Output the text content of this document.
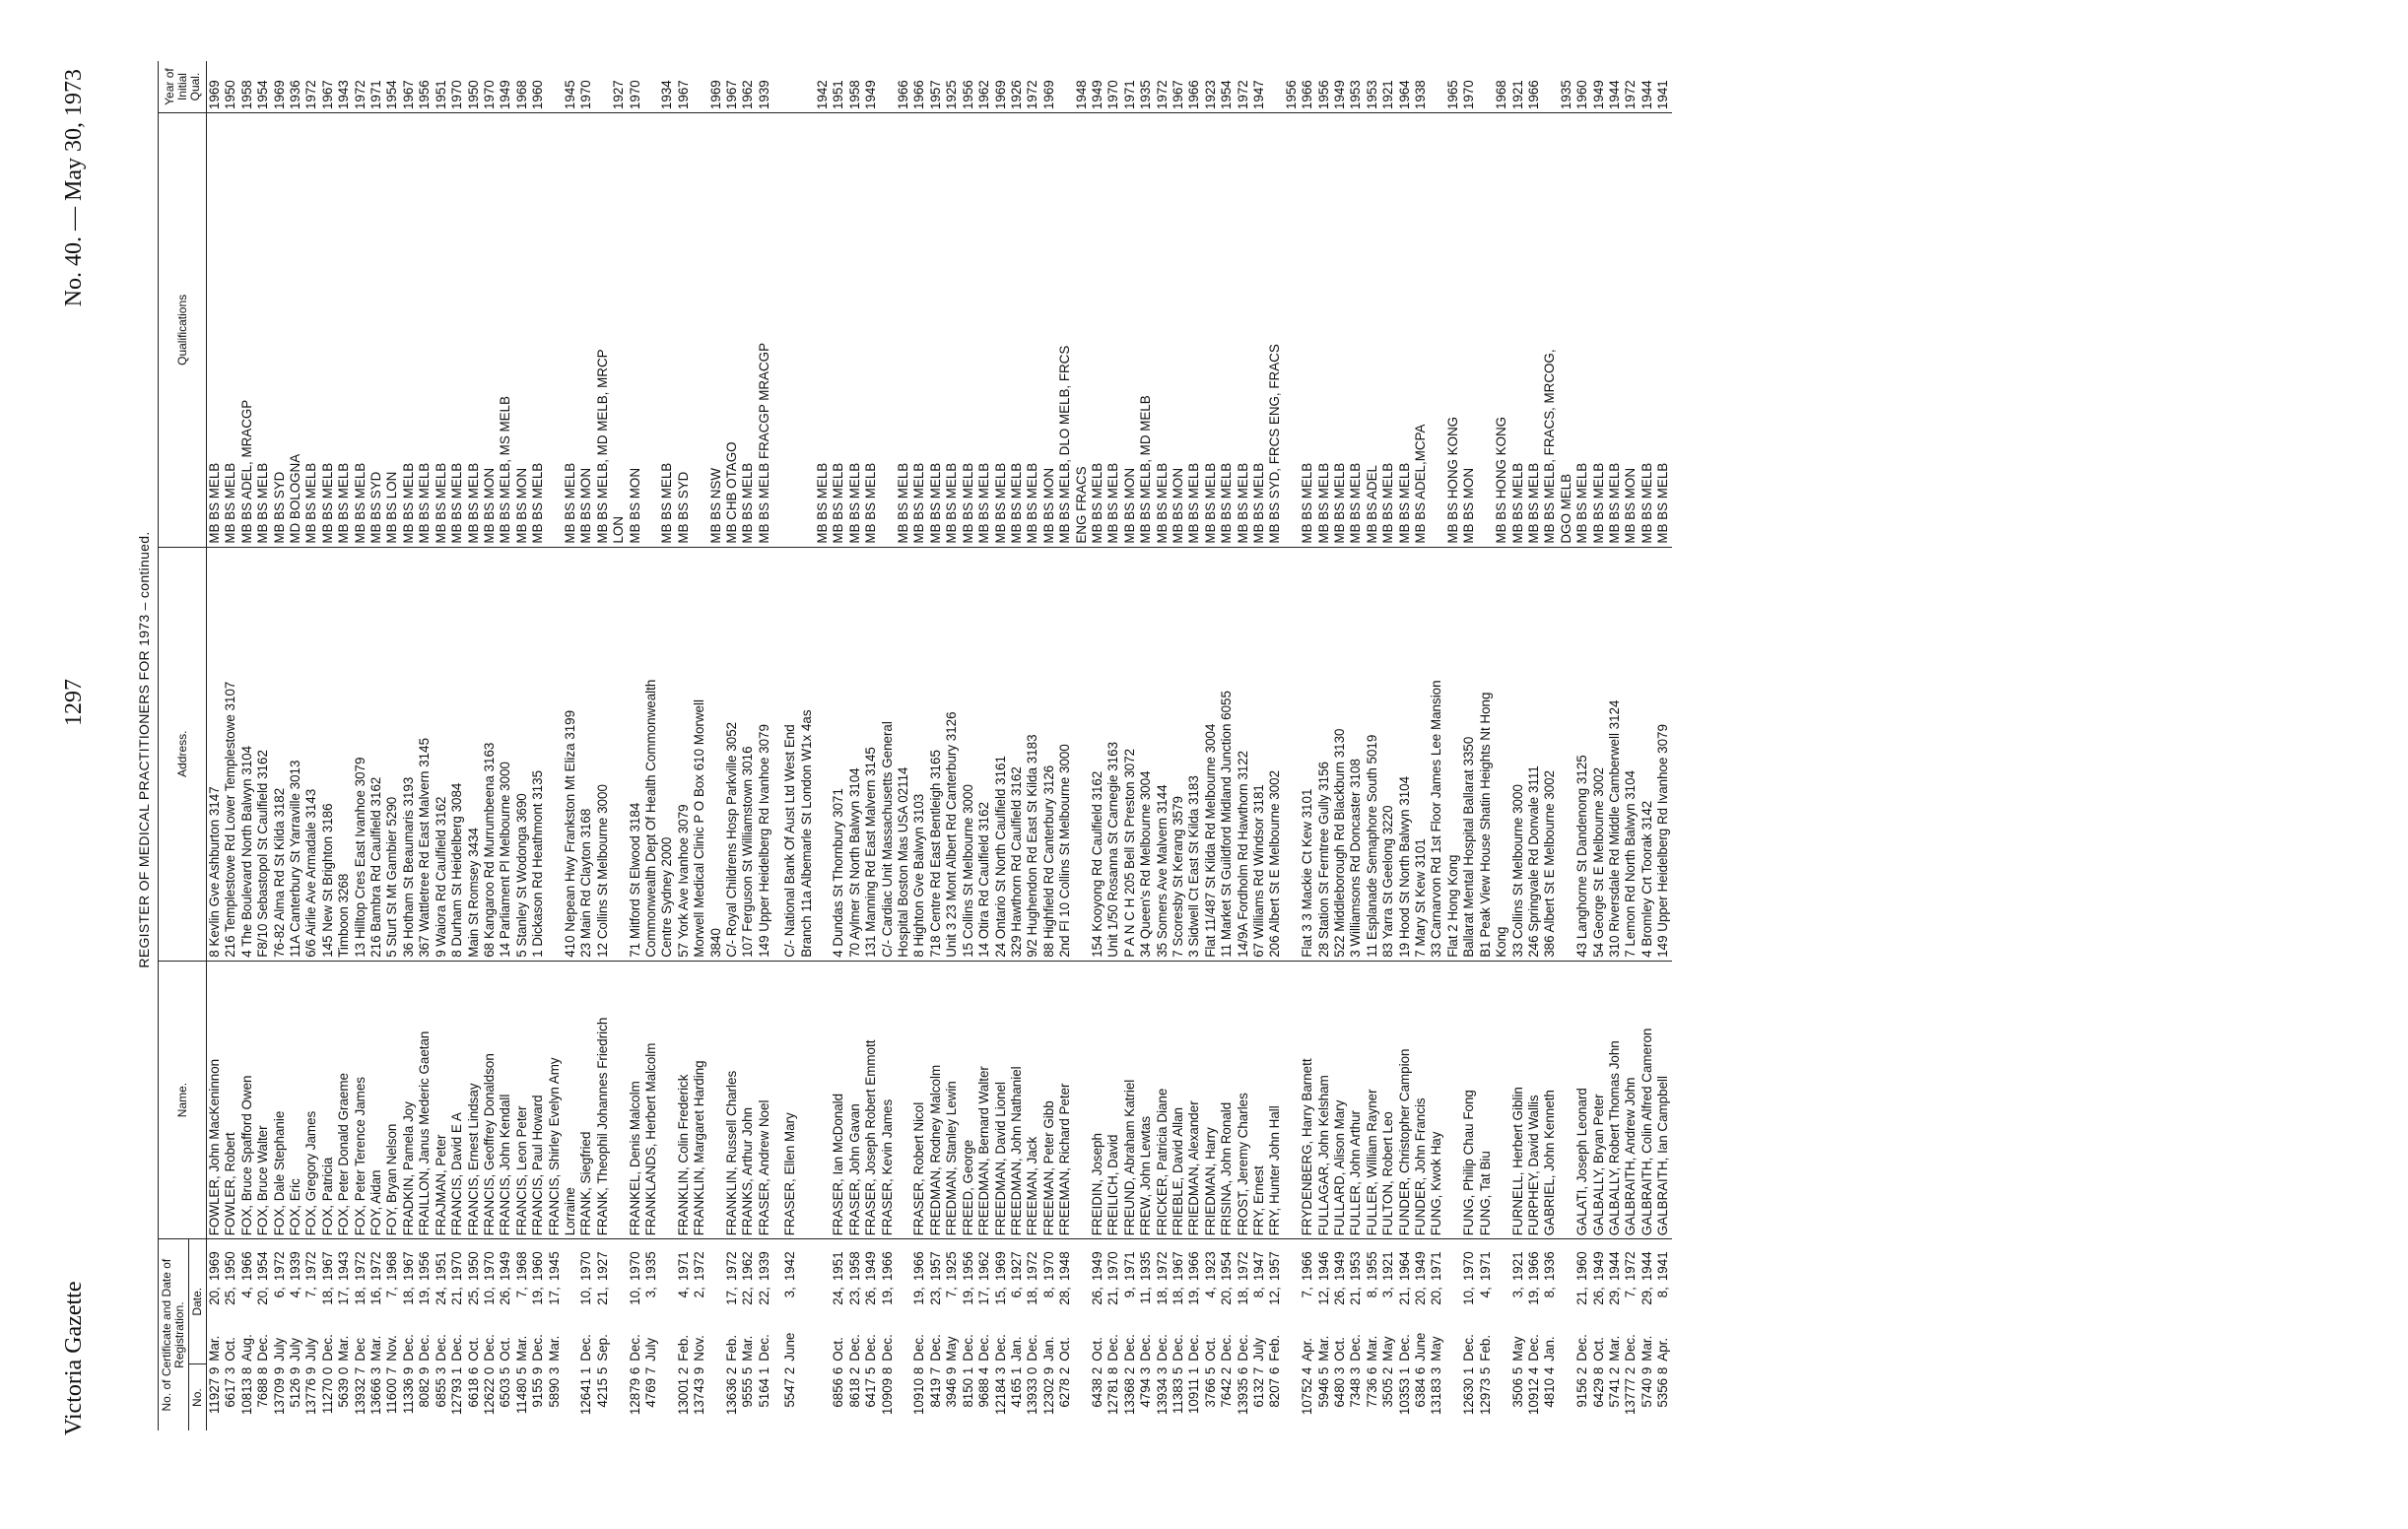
Victoria Gazette
1297
No. 40. — May 30, 1973
REGISTER OF MEDICAL PRACTITIONERS FOR 1973 – continued.
No. of Certificate and Date of Registration.				Name.	Address.	Qualifications	Year of Initial Qual.
No.	Date.						
11927 9	Mar.	20,	1969	FOWLER, John MacKeninnon	8 Kevlin Gve Ashburton 3147	MB BS MELB	1969
6617 3	Oct.	25,	1950	FOWLER, Robert	216 Templestowe Rd Lower Templestowe 3107	MB BS MELB	1950
10813 8	Aug.	4,	1966	FOX, Bruce Spafford Owen	4 The Boulevard North Balwyn 3104	MB BS ADEL, MRACGP	1958
7688 8	Dec.	20,	1954	FOX, Bruce Walter	F8/10 Sebastopol St Caulfield 3162	MB BS MELB	1954
13709 9	July	6,	1972	FOX, Dale Stephanie	76-82 Alma Rd St Kilda 3182	MB BS SYD	1969
5126 9	July	4,	1939	FOX, Eric	11A Canterbury St Yarraville 3013	MD BOLOGNA	1936
13776 9	July	7,	1972	FOX, Gregory James	6/6 Airlie Ave Armadale 3143	MB BS MELB	1972
11270 0	Dec.	18,	1967	FOX, Patricia	145 New St Brighton 3186	MB BS MELB	1967
5639 0	Mar.	17,	1943	FOX, Peter Donald Graeme	Timboon 3268	MB BS MELB	1943
13932 7	Dec	18,	1972	FOX, Peter Terence James	13 Hilltop Cres East Ivanhoe 3079	MB BS MELB	1972
13666 3	Mar.	16,	1972	FOY, Aidan	216 Bambra Rd Caulfield 3162	MB BS SYD	1971
11600 7	Nov.	7,	1968	FOY, Bryan Nelson	5 Sturt St Mt Gambier 5290	MB BS LON	1954
11336 9	Dec.	18,	1967	FRADKIN, Pamela Joy	36 Hotham St Beaumaris 3193	MB BS MELB	1967
8082 9	Dec.	19,	1956	FRAILLON, Janus Mederic Gaetan	367 Wattletree Rd East Malvern 3145	MB BS MELB	1956
6855 3	Dec.	24,	1951	FRAJMAN, Peter	9 Waiora Rd Caulfield 3162	MB BS MELB	1951
12793 1	Dec.	21,	1970	FRANCIS, David E A	8 Durham St Heidelberg 3084	MB BS MELB	1970
6618 6	Oct.	25,	1950	FRANCIS, Ernest Lindsay	Main St Romsey 3434	MB BS MELB	1950
12622 0	Dec.	10,	1970	FRANCIS, Geoffrey Donaldson	68 Kangaroo Rd Murrumbeena 3163	MB BS MON	1970
6503 5	Oct.	26,	1949	FRANCIS, John Kendall	14 Parliament Pl Melbourne 3000	MB BS MELB, MS MELB	1949
11480 5	Mar.	7,	1968	FRANCIS, Leon Peter	5 Stanley St Wodonga 3690	MB BS MON	1968
9155 9	Dec.	19,	1960	FRANCIS, Paul Howard	1 Dickason Rd Heathmont 3135	MB BS MELB	1960
5890 3	Mar.	17,	1945	FRANCIS, Shirley Evelyn Amy			
				Lorraine	410 Nepean Hwy Frankston Mt Eliza 3199	MB BS MELB	1945
12641 1	Dec.	10,	1970	FRANK, Siegfried	23 Main Rd Clayton 3168	MB BS MON	1970
4215 5	Sep.	21,	1927	FRANK, Theophil Johannes Friedrich	12 Collins St Melbourne 3000	MB BS MELB, MD MELB, MRCP	
						LON	1927
12879 6	Dec.	10,	1970	FRANKEL, Denis Malcolm	71 Mitford St Elwood 3184	MB BS MON	1970
4769 7	July	3,	1935	FRANKLANDS, Herbert Malcolm	Commonwealth Dept Of Health Commonwealth		
					Centre Sydney 2000	MB BS MELB	1934
13001 2	Feb.	4,	1971	FRANKLIN, Colin Frederick	57 York Ave Ivanhoe 3079	MB BS SYD	1967
13743 9	Nov.	2,	1972	FRANKLIN, Margaret Harding	Morwell Medical Clinic P O Box 610 Morwell		
					3840	MB BS NSW	1969
13636 2	Feb.	17,	1972	FRANKLIN, Russell Charles	C/- Royal Childrens Hosp Parkville 3052	MB CHB OTAGO	1967
9555 5	Mar.	22,	1962	FRANKS, Arthur John	107 Ferguson St Williamstown 3016	MB BS MELB	1962
5164 1	Dec.	22,	1939	FRASER, Andrew Noel	149 Upper Heidelberg Rd Ivanhoe 3079	MB BS MELB FRACGP MRACGP	1939

5547 2	June	3,	1942	FRASER, Ellen Mary	C/- National Bank Of Aust Ltd West End		
					Branch 11a Albemarle St London W1x 4as		
						MB BS MELB	1942
6856 6	Oct.	24,	1951	FRASER, Ian McDonald	4 Dundas St Thornbury 3071	MB BS MELB	1951
8618 2	Dec.	23,	1958	FRASER, John Gavan	70 Aylmer St North Balwyn 3104	MB BS MELB	1958
6417 5	Dec.	26,	1949	FRASER, Joseph Robert Emmott	131 Manning Rd East Malvern 3145	MB BS MELB	1949
10909 8	Dec.	19,	1966	FRASER, Kevin James	C/- Cardiac Unit Massachusetts General		
					Hospital Boston Mas USA 02114	MB BS MELB	1966
10910 8	Dec.	19,	1966	FRASER, Robert Nicol	8 Highton Gve Balwyn 3103	MB BS MELB	1966
8419 7	Dec.	23,	1957	FREDMAN, Rodney Malcolm	718 Centre Rd East Bentleigh 3165	MB BS MELB	1957
3946 9	May	7,	1925	FREDMAN, Stanley Lewin	Unit 3 23 Mont Albert Rd Canterbury 3126	MB BS MELB	1925
8150 1	Dec.	19,	1956	FREED, George	15 Collins St Melbourne 3000	MB BS MELB	1956
9688 4	Dec.	17,	1962	FREEDMAN, Bernard Walter	14 Otira Rd Caulfield 3162	MB BS MELB	1962
12184 3	Dec.	15,	1969	FREEDMAN, David Lionel	24 Ontario St North Caulfield 3161	MB BS MELB	1969
4165 1	Jan.	6,	1927	FREEDMAN, John Nathaniel	329 Hawthorn Rd Caulfield 3162	MB BS MELB	1926
13933 0	Dec.	18,	1972	FREEMAN, Jack	9/2 Hughendon Rd East St Kilda 3183	MB BS MELB	1972
12302 9	Jan.	8,	1970	FREEMAN, Peter Gibb	88 Highfield Rd Canterbury 3126	MB BS MON	1969
6278 2	Oct.	28,	1948	FREEMAN, Richard Peter	2nd Fl 10 Collins St Melbourne 3000	MB BS MELB, DLO MELB, FRCS	
						ENG FRACS	1948
6438 2	Oct.	26,	1949	FREIDIN, Joseph	154 Kooyong Rd Caulfield 3162	MB BS MELB	1949
12781 8	Dec.	21,	1970	FREILICH, David	Unit 1/50 Rosanna St Carnegie 3163	MB BS MELB	1970
13368 2	Dec.	9,	1971	FREUND, Abraham Katriel	P A N C H 205 Bell St Preston 3072	MB BS MON	1971
4794 3	Dec.	11,	1935	FREW, John Lewtas	34 Queen's Rd Melbourne 3004	MB BS MELB, MD MELB	1935
13934 3	Dec.	18,	1972	FRICKER, Patricia Diane	35 Somers Ave Malvern 3144	MB BS MELB	1972
11383 5	Dec.	18,	1967	FRIEBLE, David Allan	7 Scoresby St Kerang 3579	MB BS MON	1967
10911 1	Dec.	19,	1966	FRIEDMAN, Alexander	3 Sidwell Ct East St Kilda 3183	MB BS MELB	1966
3766 5	Oct.	4,	1923	FRIEDMAN, Harry	Flat 11/487 St Kilda Rd Melbourne 3004	MB BS MELB	1923
7642 2	Dec.	20,	1954	FRISINA, John Ronald	11 Market St Guildford Midland Junction 6055	MB BS MELB	1954
13935 6	Dec.	18,	1972	FROST, Jeremy Charles	14/9A Fordholm Rd Hawthorn 3122	MB BS MELB	1972
6132 7	July	8,	1947	FRY, Ernest	67 Williams Rd Windsor 3181	MB BS MELB	1947
8207 6	Feb.	12,	1957	FRY, Hunter John Hall	206 Albert St E Melbourne 3002	MB BS SYD, FRCS ENG, FRACS	
							1956
10752 4	Apr.	7,	1966	FRYDENBERG, Harry Barnett	Flat 3 3 Mackie Ct Kew 3101	MB BS MELB	1966
5946 5	Mar.	12,	1946	FULLAGAR, John Kelsham	28 Station St Ferntree Gully 3156	MB BS MELB	1956
6480 3	Oct.	26,	1949	FULLARD, Alison Mary	522 Middleborough Rd Blackburn 3130	MB BS MELB	1949
7348 3	Dec.	21,	1953	FULLER, John Arthur	3 Williamsons Rd Doncaster 3108	MB BS MELB	1953
7736 6	Mar.	8,	1955	FULLER, William Rayner	11 Esplanade Semaphore South 5019	MB BS ADEL	1953
3505 2	May	3,	1921	FULTON, Robert Leo	83 Yarra St Geelong 3220	MB BS MELB	1921
10353 1	Dec.	21,	1964	FUNDER, Christopher Campion	19 Hood St North Balwyn 3104	MB BS MELB	1964
6384 6	June	20,	1949	FUNDER, John Francis	7 Mary St Kew 3101	MB BS ADEL,MCPA	1938
13183 3	May	20,	1971	FUNG, Kwok Hay	33 Carnarvon Rd 1st Floor James Lee Mansion		
					Flat 2 Hong Kong	MB BS HONG KONG	1965
12630 1	Dec.	10,	1970	FUNG, Philip Chau Fong	Ballarat Mental Hospital Ballarat 3350	MB BS MON	1970
12973 5	Feb.	4,	1971	FUNG, Tat Biu	B1 Peak View House Shatin Heights Nt Hong		
					Kong	MB BS HONG KONG	1968
3506 5	May	3,	1921	FURNELL, Herbert Giblin	33 Collins St Melbourne 3000	MB BS MELB	1921
10912 4	Dec.	19,	1966	FURPHEY, David Wallis	246 Springvale Rd Donvale 3111	MB BS MELB	1966
4810 4	Jan.	8,	1936	GABRIEL, John Kenneth	386 Albert St E Melbourne 3002	MB BS MELB, FRACS, MRCOG,	
						DGO MELB	1935
9156 2	Dec.	21,	1960	GALATI, Joseph Leonard	43 Langhorne St Dandenong 3125	MB BS MELB	1960
6429 8	Oct.	26,	1949	GALBALLY, Bryan Peter	54 George St E Melbourne 3002	MB BS MELB	1949
5741 2	Mar.	29,	1944	GALBALLY, Robert Thomas John	310 Riversdale Rd Middle Camberwell 3124	MB BS MELB	1944
13777 2	Dec.	7,	1972	GALBRAITH, Andrew John	7 Lemon Rd North Balwyn 3104	MB BS MON	1972
5740 9	Mar.	29,	1944	GALBRAITH, Colin Alfred Cameron	4 Bromley Crt Toorak 3142	MB BS MELB	1944
5356 8	Apr.	8,	1941	GALBRAITH, Ian Campbell	149 Upper Heidelberg Rd Ivanhoe 3079	MB BS MELB	1941
